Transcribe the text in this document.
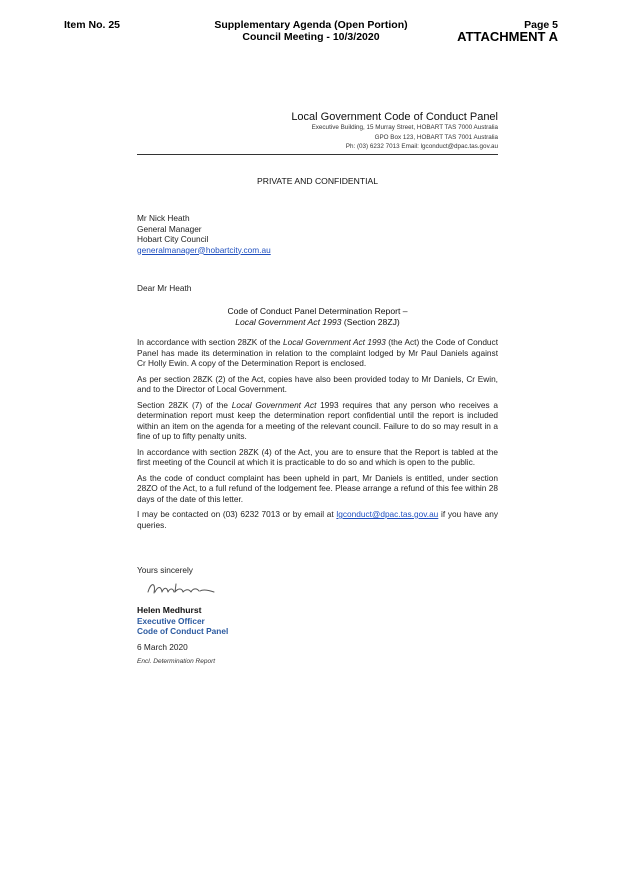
Item No. 25	Supplementary Agenda (Open Portion)
Council Meeting - 10/3/2020
Page 5
ATTACHMENT A
Local Government Code of Conduct Panel
Executive Building, 15 Murray Street, HOBART TAS 7000 Australia
GPO Box 123, HOBART TAS 7001 Australia
Ph: (03) 6232 7013 Email: lgconduct@dpac.tas.gov.au
PRIVATE AND CONFIDENTIAL
Mr Nick Heath
General Manager
Hobart City Council
generalmanager@hobartcity.com.au
Dear Mr Heath
Code of Conduct Panel Determination Report –
Local Government Act 1993 (Section 28ZJ)

In accordance with section 28ZK of the Local Government Act 1993 (the Act) the Code of Conduct Panel has made its determination in relation to the complaint lodged by Mr Paul Daniels against Cr Holly Ewin. A copy of the Determination Report is enclosed.

As per section 28ZK (2) of the Act, copies have also been provided today to Mr Daniels, Cr Ewin, and to the Director of Local Government.

Section 28ZK (7) of the Local Government Act 1993 requires that any person who receives a determination report must keep the determination report confidential until the report is included within an item on the agenda for a meeting of the relevant council. Failure to do so may result in a fine of up to fifty penalty units.

In accordance with section 28ZK (4) of the Act, you are to ensure that the Report is tabled at the first meeting of the Council at which it is practicable to do so and which is open to the public.

As the code of conduct complaint has been upheld in part, Mr Daniels is entitled, under section 28ZO of the Act, to a full refund of the lodgement fee. Please arrange a refund of this fee within 28 days of the date of this letter.

I may be contacted on (03) 6232 7013 or by email at lgconduct@dpac.tas.gov.au if you have any queries.

Yours sincerely
Helen Medhurst
Executive Officer
Code of Conduct Panel
6 March 2020
Encl. Determination Report
